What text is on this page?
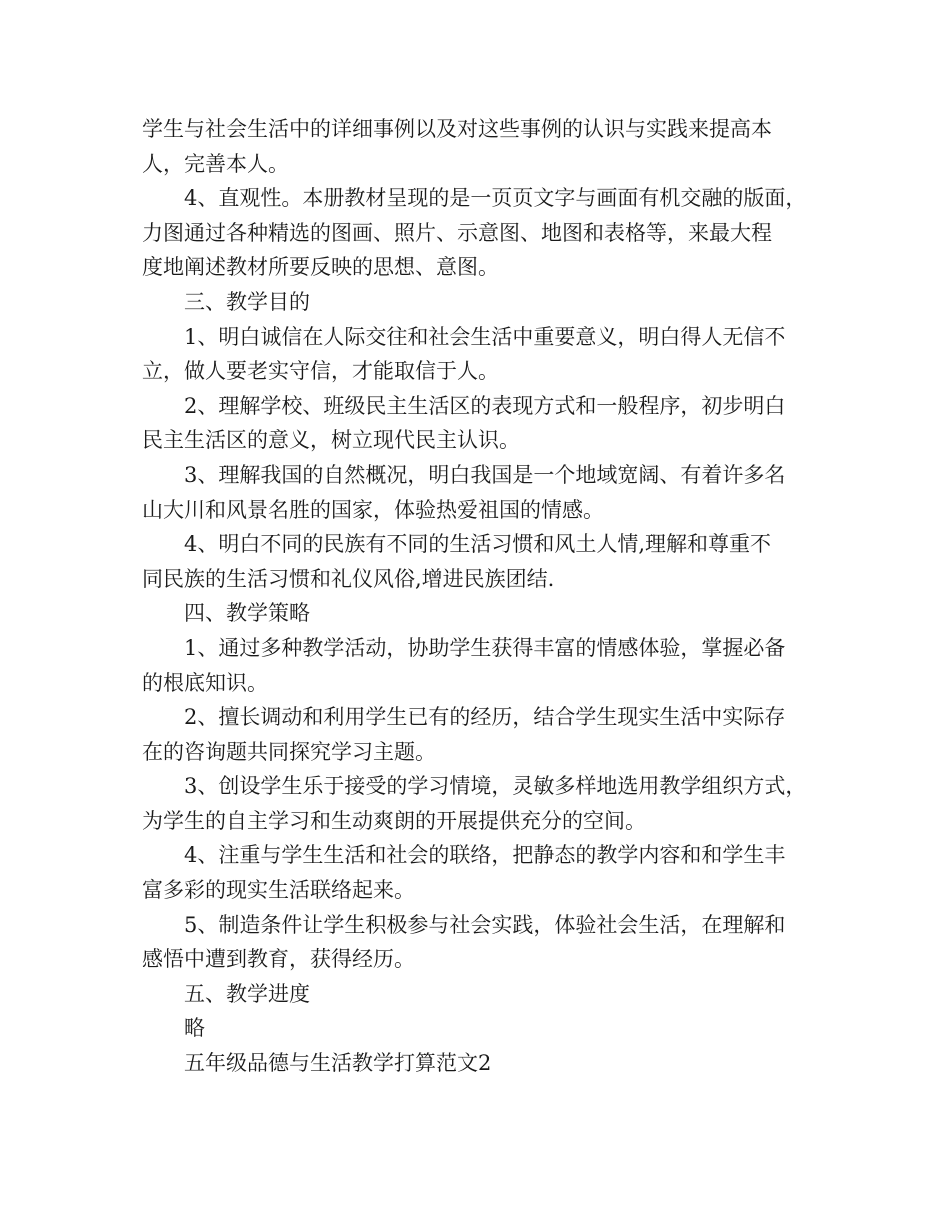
学生与社会生活中的详细事例以及对这些事例的认识与实践来提高本
人，完善本人。
4、直观性。本册教材呈现的是一页页文字与画面有机交融的版面，
力图通过各种精选的图画、照片、示意图、地图和表格等，来最大程
度地阐述教材所要反映的思想、意图。
三、教学目的
1、明白诚信在人际交往和社会生活中重要意义，明白得人无信不
立，做人要老实守信，才能取信于人。
2、理解学校、班级民主生活区的表现方式和一般程序，初步明白
民主生活区的意义，树立现代民主认识。
3、理解我国的自然概况，明白我国是一个地域宽阔、有着许多名
山大川和风景名胜的国家，体验热爱祖国的情感。
4、明白不同的民族有不同的生活习惯和风土人情,理解和尊重不
同民族的生活习惯和礼仪风俗,增进民族团结.
四、教学策略
1、通过多种教学活动，协助学生获得丰富的情感体验，掌握必备
的根底知识。
2、擅长调动和利用学生已有的经历，结合学生现实生活中实际存
在的咨询题共同探究学习主题。
3、创设学生乐于接受的学习情境，灵敏多样地选用教学组织方式，
为学生的自主学习和生动爽朗的开展提供充分的空间。
4、注重与学生生活和社会的联络，把静态的教学内容和和学生丰
富多彩的现实生活联络起来。
5、制造条件让学生积极参与社会实践，体验社会生活，在理解和
感悟中遭到教育，获得经历。
五、教学进度
略
五年级品德与生活教学打算范文2
